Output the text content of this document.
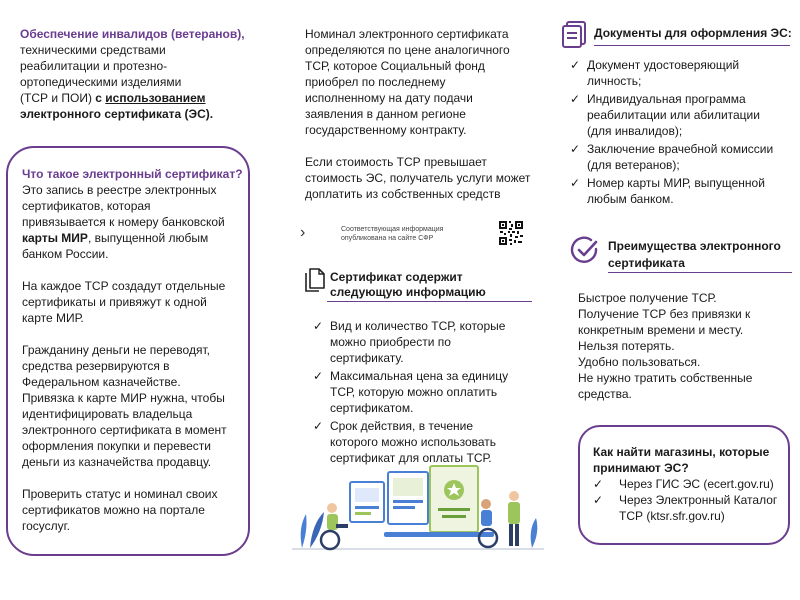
Обеспечение инвалидов (ветеранов),
техническими средствами
реабилитации и протезно-
ортопедическими изделиями
(ТСР и ПОИ) с использованием
электронного сертификата (ЭС).
Что такое электронный сертификат?
Это запись в реестре электронных
сертификатов, которая
привязывается к номеру банковской
карты МИР, выпущенной любым
банком России.
На каждое ТСР создадут отдельные
сертификаты и привяжут к одной
карте МИР.
Гражданину деньги не переводят,
средства резервируются в
Федеральном казначействе.
Привязка к карте МИР нужна, чтобы
идентифицировать владельца
электронного сертификата в момент
оформления покупки и перевести
деньги из казначейства продавцу.
Проверить статус и номинал своих
сертификатов можно на портале
госуслуг.
Номинал электронного сертификата
определяются по цене аналогичного
ТСР, которое Социальный фонд
приобрел по последнему
исполненному на дату подачи
заявления в данном регионе
государственному контракту.
Если стоимость ТСР превышает
стоимость ЭС, получатель услуги может
доплатить из собственных средств
›	Соответствующая информация
опубликована на сайте СФР
Сертификат содержит
следующую информацию
✓ Вид и количество ТСР, которые
можно приобрести по
сертификату.
✓ Максимальная цена за единицу
ТСР, которую можно оплатить
сертификатом.
✓ Срок действия, в течение
которого можно использовать
сертификат для оплаты ТСР.
Документы для оформления ЭС:
✓ Документ удостоверяющий
личность;
✓ Индивидуальная программа
реабилитации или абилитации
(для инвалидов);
✓ Заключение врачебной комиссии
(для ветеранов);
✓ Номер карты МИР, выпущенной
любым банком.
Преимущества электронного
сертификата
Быстрое получение ТСР.
Получение ТСР без привязки к
конкретным времени и месту.
Нельзя потерять.
Удобно пользоваться.
Не нужно тратить собственные
средства.
Как найти магазины, которые
принимают ЭС?
✓ Через ГИС ЭС (ecert.gov.ru)
✓ Через Электронный Каталог
ТСР (ktsr.sfr.gov.ru)
